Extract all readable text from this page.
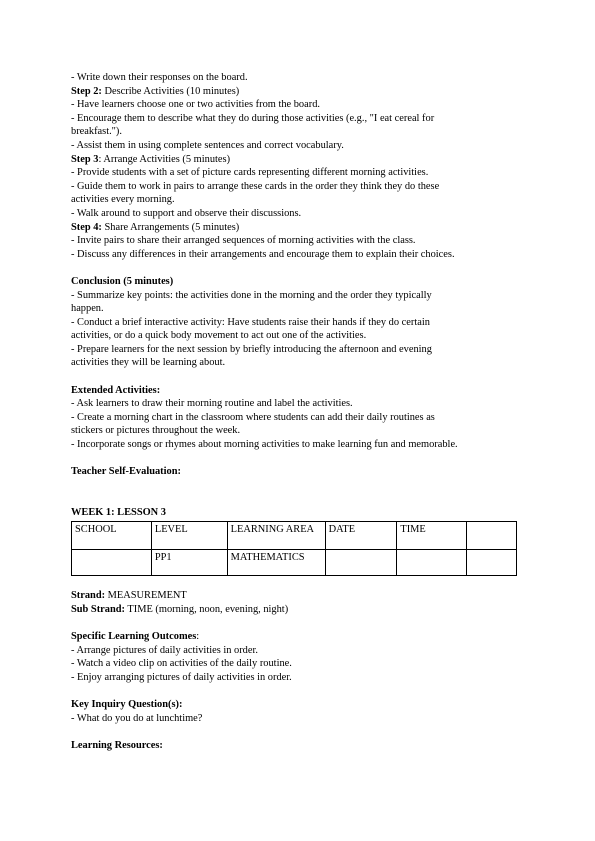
- Write down their responses on the board.
Step 2: Describe Activities (10 minutes)
- Have learners choose one or two activities from the board.
- Encourage them to describe what they do during those activities (e.g., "I eat cereal for
breakfast.").
- Assist them in using complete sentences and correct vocabulary.
Step 3: Arrange Activities (5 minutes)
- Provide students with a set of picture cards representing different morning activities.
- Guide them to work in pairs to arrange these cards in the order they think they do these
activities every morning.
- Walk around to support and observe their discussions.
Step 4: Share Arrangements (5 minutes)
- Invite pairs to share their arranged sequences of morning activities with the class.
- Discuss any differences in their arrangements and encourage them to explain their choices.
Conclusion (5 minutes)
- Summarize key points: the activities done in the morning and the order they typically
happen.
- Conduct a brief interactive activity: Have students raise their hands if they do certain
activities, or do a quick body movement to act out one of the activities.
- Prepare learners for the next session by briefly introducing the afternoon and evening
activities they will be learning about.
Extended Activities:
- Ask learners to draw their morning routine and label the activities.
- Create a morning chart in the classroom where students can add their daily routines as
stickers or pictures throughout the week.
- Incorporate songs or rhymes about morning activities to make learning fun and memorable.
Teacher Self-Evaluation:
WEEK 1: LESSON 3
SCHOOL	LEVEL	LEARNING AREA	DATE	TIME	
	PP1	MATHEMATICS			
Strand: MEASUREMENT
Sub Strand: TIME (morning, noon, evening, night)
Specific Learning Outcomes:
- Arrange pictures of daily activities in order.
- Watch a video clip on activities of the daily routine.
- Enjoy arranging pictures of daily activities in order.
Key Inquiry Question(s):
- What do you do at lunchtime?
Learning Resources:
